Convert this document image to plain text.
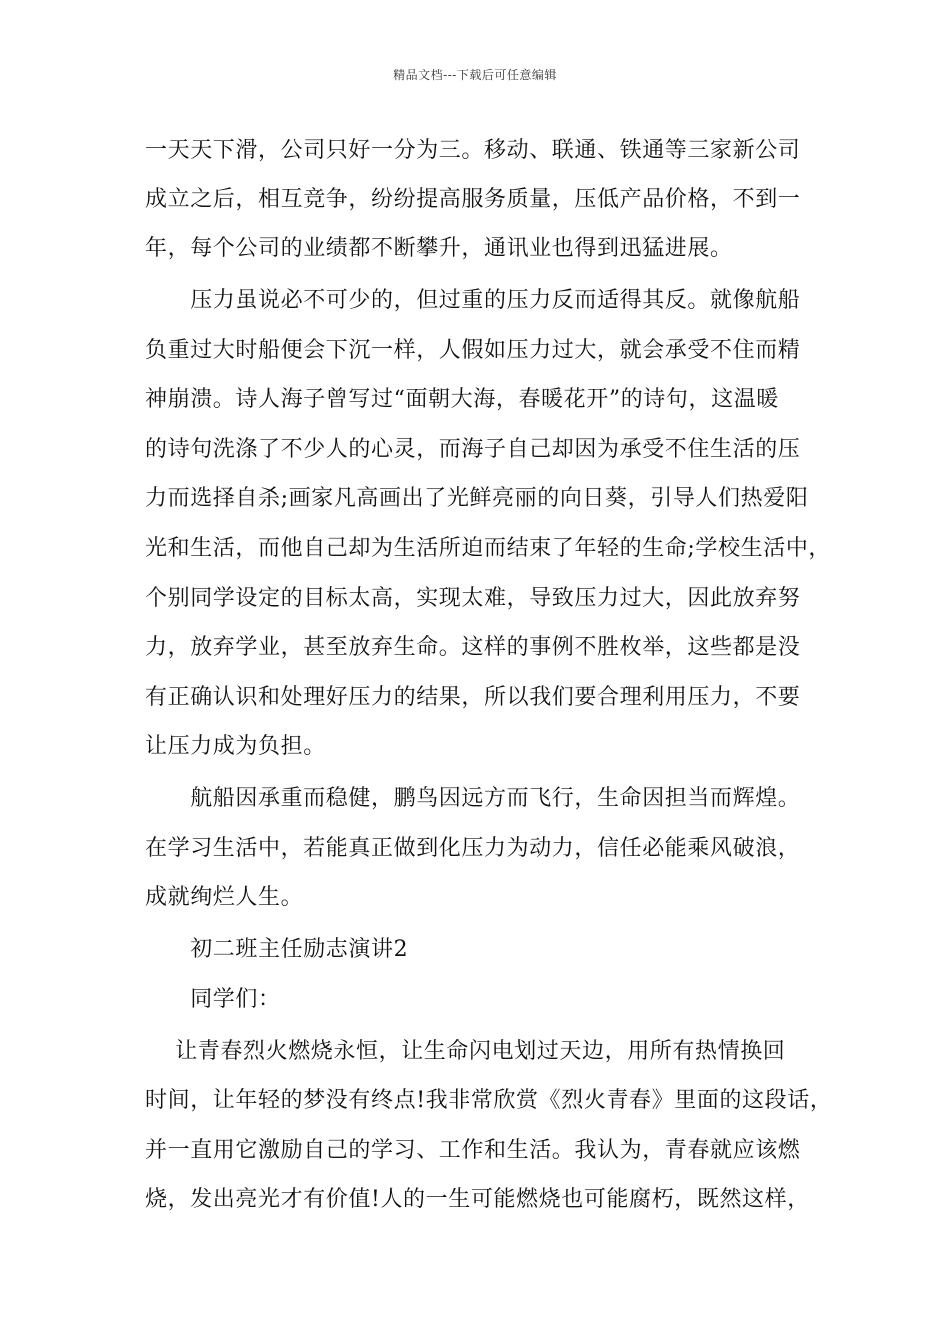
精品文档---下载后可任意编辑
一天天下滑，公司只好一分为三。移动、联通、铁通等三家新公司
成立之后，相互竞争，纷纷提高服务质量，压低产品价格，不到一
年，每个公司的业绩都不断攀升，通讯业也得到迅猛进展。
　　压力虽说必不可少的，但过重的压力反而适得其反。就像航船
负重过大时船便会下沉一样，人假如压力过大，就会承受不住而精
神崩溃。诗人海子曾写过“面朝大海，春暖花开”的诗句，这温暖
的诗句洗涤了不少人的心灵，而海子自己却因为承受不住生活的压
力而选择自杀;画家凡高画出了光鲜亮丽的向日葵，引导人们热爱阳
光和生活，而他自己却为生活所迫而结束了年轻的生命;学校生活中，
个别同学设定的目标太高，实现太难，导致压力过大，因此放弃努
力，放弃学业，甚至放弃生命。这样的事例不胜枚举，这些都是没
有正确认识和处理好压力的结果，所以我们要合理利用压力，不要
让压力成为负担。
　　航船因承重而稳健，鹏鸟因远方而飞行，生命因担当而辉煌。
在学习生活中，若能真正做到化压力为动力，信任必能乘风破浪，
成就绚烂人生。
　　初二班主任励志演讲2
　　同学们：
　 让青春烈火燃烧永恒，让生命闪电划过天边，用所有热情换回
时间，让年轻的梦没有终点!我非常欣赏《烈火青春》里面的这段话，
并一直用它激励自己的学习、工作和生活。我认为，青春就应该燃
烧，发出亮光才有价值!人的一生可能燃烧也可能腐朽，既然这样，
